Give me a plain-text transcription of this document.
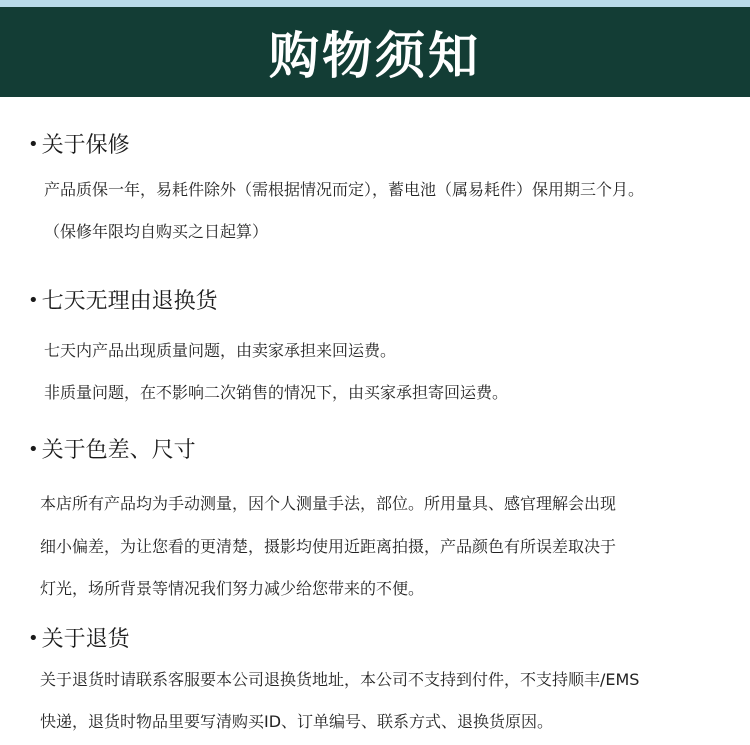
购物须知
• 关于保修
产品质保一年，易耗件除外（需根据情况而定），蓄电池（属易耗件）保用期三个月。
（保修年限均自购买之日起算）
• 七天无理由退换货
七天内产品出现质量问题，由卖家承担来回运费。
非质量问题，在不影响二次销售的情况下，由买家承担寄回运费。
• 关于色差、尺寸
本店所有产品均为手动测量，因个人测量手法，部位。所用量具、感官理解会出现
细小偏差，为让您看的更清楚，摄影均使用近距离拍摄，产品颜色有所误差取决于
灯光，场所背景等情况我们努力减少给您带来的不便。
• 关于退货
关于退货时请联系客服要本公司退换货地址，本公司不支持到付件，不支持顺丰/EMS
快递，退货时物品里要写清购买ID、订单编号、联系方式、退换货原因。
